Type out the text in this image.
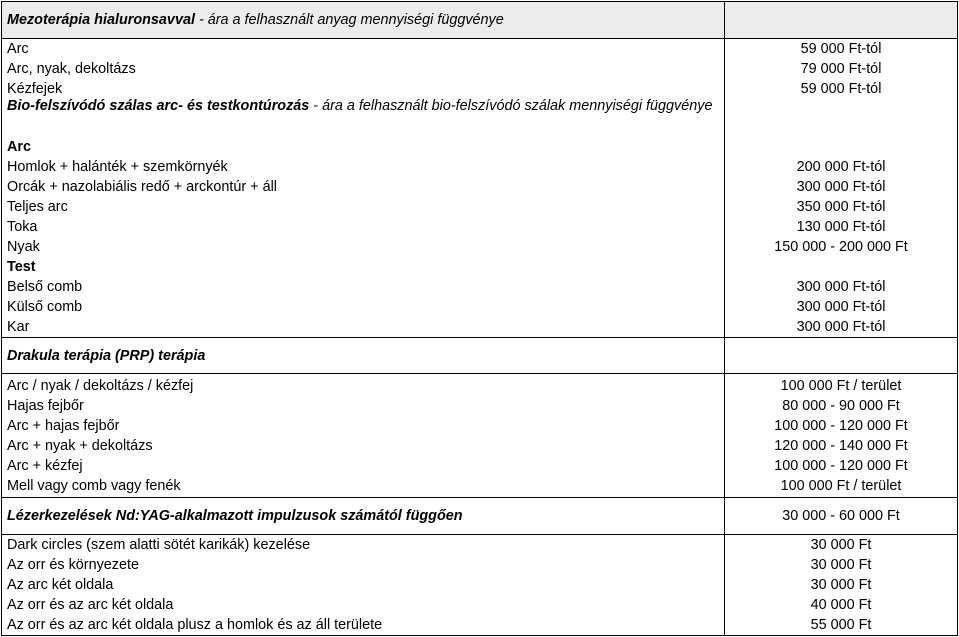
Mezoterápia hialuronsavval - ára a felhasznált anyag mennyiségi függvénye
Arc
Arc, nyak, dekoltázs
Kézfejek
59 000 Ft-tól
79 000 Ft-tól
59 000 Ft-tól
Bio-felszívódó szálas arc- és testkontúrozás - ára a felhasznált bio-felszívódó szálak mennyiségi függvénye
Arc
Homlok + halánték + szemkörnyék
Orcák + nazolabiális redő + arckontúr + áll
Teljes arc
Toka
Nyak
Test
Belső comb
Külső comb
Kar
200 000 Ft-tól
300 000 Ft-tól
350 000 Ft-tól
130 000 Ft-tól
150 000 - 200 000 Ft
300 000 Ft-tól
300 000 Ft-tól
300 000 Ft-tól
Drakula terápia (PRP) terápia
Arc / nyak / dekoltázs / kézfej
Hajas fejbőr
Arc + hajas fejbőr
Arc + nyak + dekoltázs
Arc + kézfej
Mell vagy comb vagy fenék
100 000 Ft / terület
80 000 - 90 000 Ft
100 000 - 120 000 Ft
120 000 - 140 000 Ft
100 000 - 120 000 Ft
100 000 Ft / terület
Lézerkezelések Nd:YAG-alkalmazott impulzusok számától függően	30 000 - 60 000 Ft
Dark circles (szem alatti sötét karikák) kezelése
Az orr és környezete
Az arc két oldala
Az orr és az arc két oldala
Az orr és az arc két oldala plusz a homlok és az áll területe
30 000 Ft
30 000 Ft
30 000 Ft
40 000 Ft
55 000 Ft
